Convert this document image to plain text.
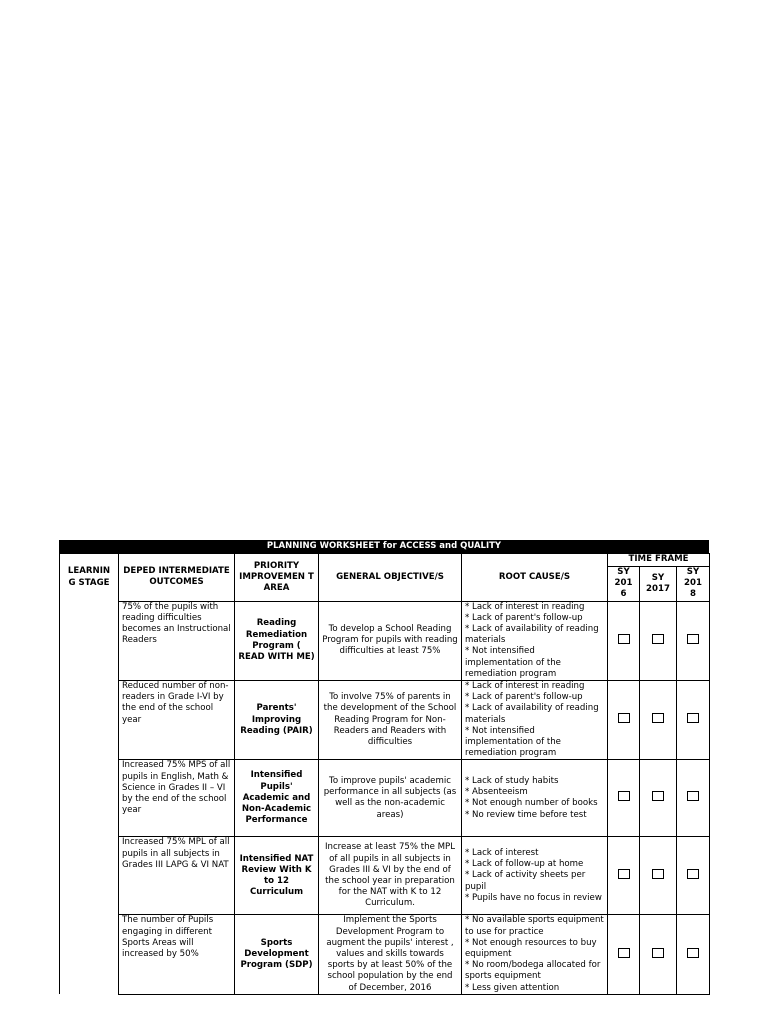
PLANNING WORKSHEET for ACCESS and QUALITY
LEARNIN G STAGE	DEPED INTERMEDIATE OUTCOMES	PRIORITY IMPROVEMEN T AREA	GENERAL OBJECTIVE/S	ROOT CAUSE/S	TIME FRAME		
					SY 201 6	SY 2017	SY 201 8
	75% of the pupils with reading difficulties becomes an Instructional Readers	Reading Remediation Program ( READ WITH ME)	To develop a School Reading Program for pupils with reading difficulties at least 75%	* Lack of interest in reading
* Lack of parent's follow-up
* Lack of availability of reading materials
* Not intensified implementation of the remediation program			

	Reduced number of non-readers in Grade I-VI by the end of the school year	Parents' Improving Reading (PAIR)	To involve 75% of parents in the development of the School Reading Program for Non-Readers and Readers with difficulties	* Lack of interest in reading
* Lack of parent's follow-up
* Lack of availability of reading materials
* Not intensified implementation of the remediation program			

	Increased 75% MPS of all pupils in English, Math & Science in Grades II – VI by the end of the school year	Intensified Pupils' Academic and Non-Academic Performance	To improve pupils' academic performance in all subjects (as well as the non-academic areas)	* Lack of study habits
* Absenteeism
* Not enough number of books
* No review time before test			

	Increased 75% MPL of all pupils in all subjects in Grades III LAPG & VI NAT	Intensified NAT Review With K to 12 Curriculum	Increase at least 75% the MPL of all pupils in all subjects in Grades III & VI by the end of the school year in preparation for the NAT with K to 12 Curriculum.	* Lack of interest
* Lack of follow-up at home
* Lack of activity sheets per pupil
* Pupils have no focus in review			

	The number of Pupils engaging in different Sports Areas will increased by 50%	Sports Development Program (SDP)	Implement the Sports Development Program to augment the pupils' interest , values and skills towards sports by at least 50% of the school population by the end of December, 2016	* No available sports equipment to use for practice
* Not enough resources to buy equipment
* No room/bodega allocated for sports equipment
* Less given attention			
